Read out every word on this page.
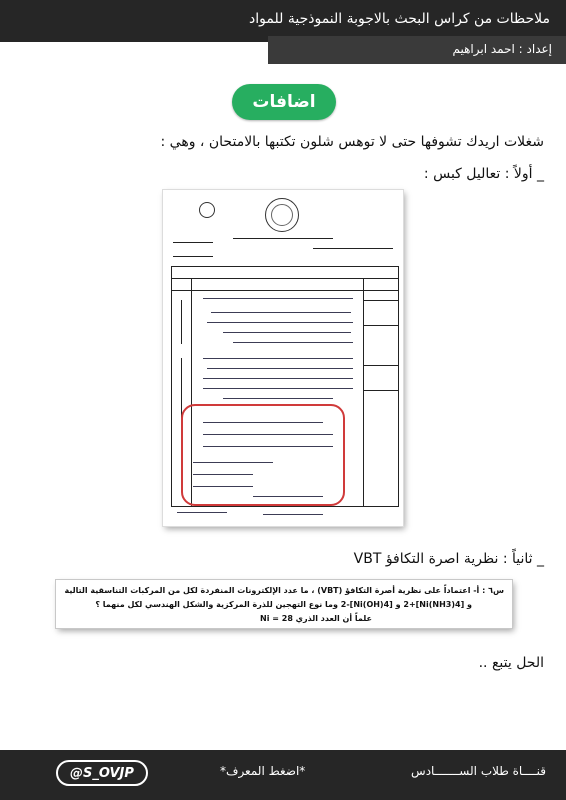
ملاحظات من كراس البحث بالاجوبة النموذجية للمواد
إعداد : احمد ابراهيم
اضافات
شغلات اريدك تشوفها حتى لا توهس شلون تكتبها بالامتحان ، وهي :
_ أولاً : تعاليل كبس :
_ ثانياً : نظرية اصرة التكافؤ VBT
س٦ : أ- اعتماداً على نظرية أصرة التكافؤ (VBT) ، ما عدد الإلكترونات المنفردة لكل من المركبات التناسقية التالية
و [Ni(NH3)4]+2 و [Ni(OH)4]-2 وما نوع التهجين للذرة المركزية والشكل الهندسي لكل منهما ؟
علماً أن العدد الذري Ni = 28
الحل يتبع ..
قنــــاة طلاب الســـــــادس
*اضغط المعرف*
@S_OVJP
